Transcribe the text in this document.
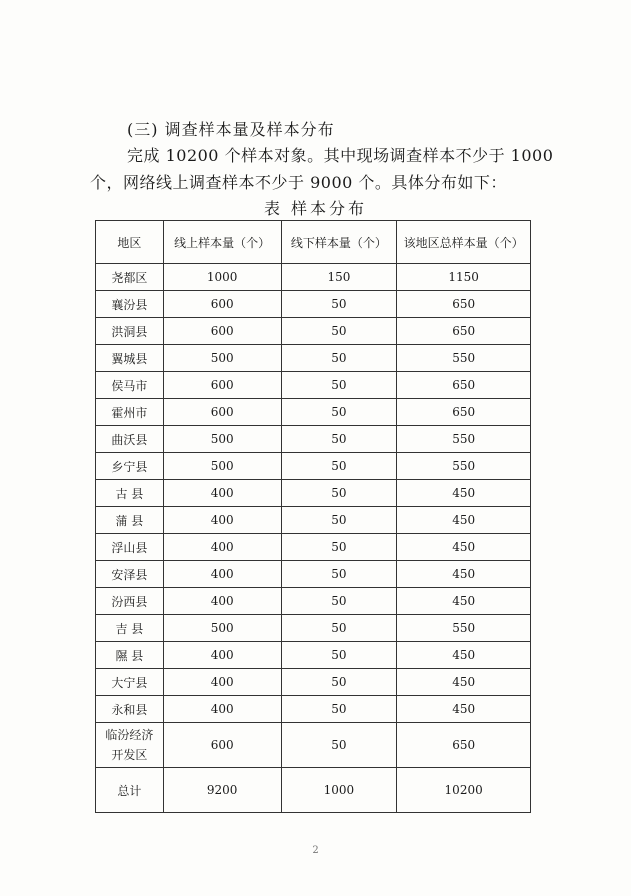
(三) 调查样本量及样本分布
完成 10200 个样本对象。其中现场调查样本不少于 1000
个，网络线上调查样本不少于 9000 个。具体分布如下：
表 样本分布
地区	线上样本量（个）	线下样本量（个）	该地区总样本量（个）
尧都区	1000	150	1150
襄汾县	600	50	650
洪洞县	600	50	650
翼城县	500	50	550
侯马市	600	50	650
霍州市	600	50	650
曲沃县	500	50	550
乡宁县	500	50	550
古 县	400	50	450
蒲 县	400	50	450
浮山县	400	50	450
安泽县	400	50	450
汾西县	400	50	450
吉 县	500	50	550
隰 县	400	50	450
大宁县	400	50	450
永和县	400	50	450

临汾经济
开发区	600	50	650
总计	9200	1000	10200
2
